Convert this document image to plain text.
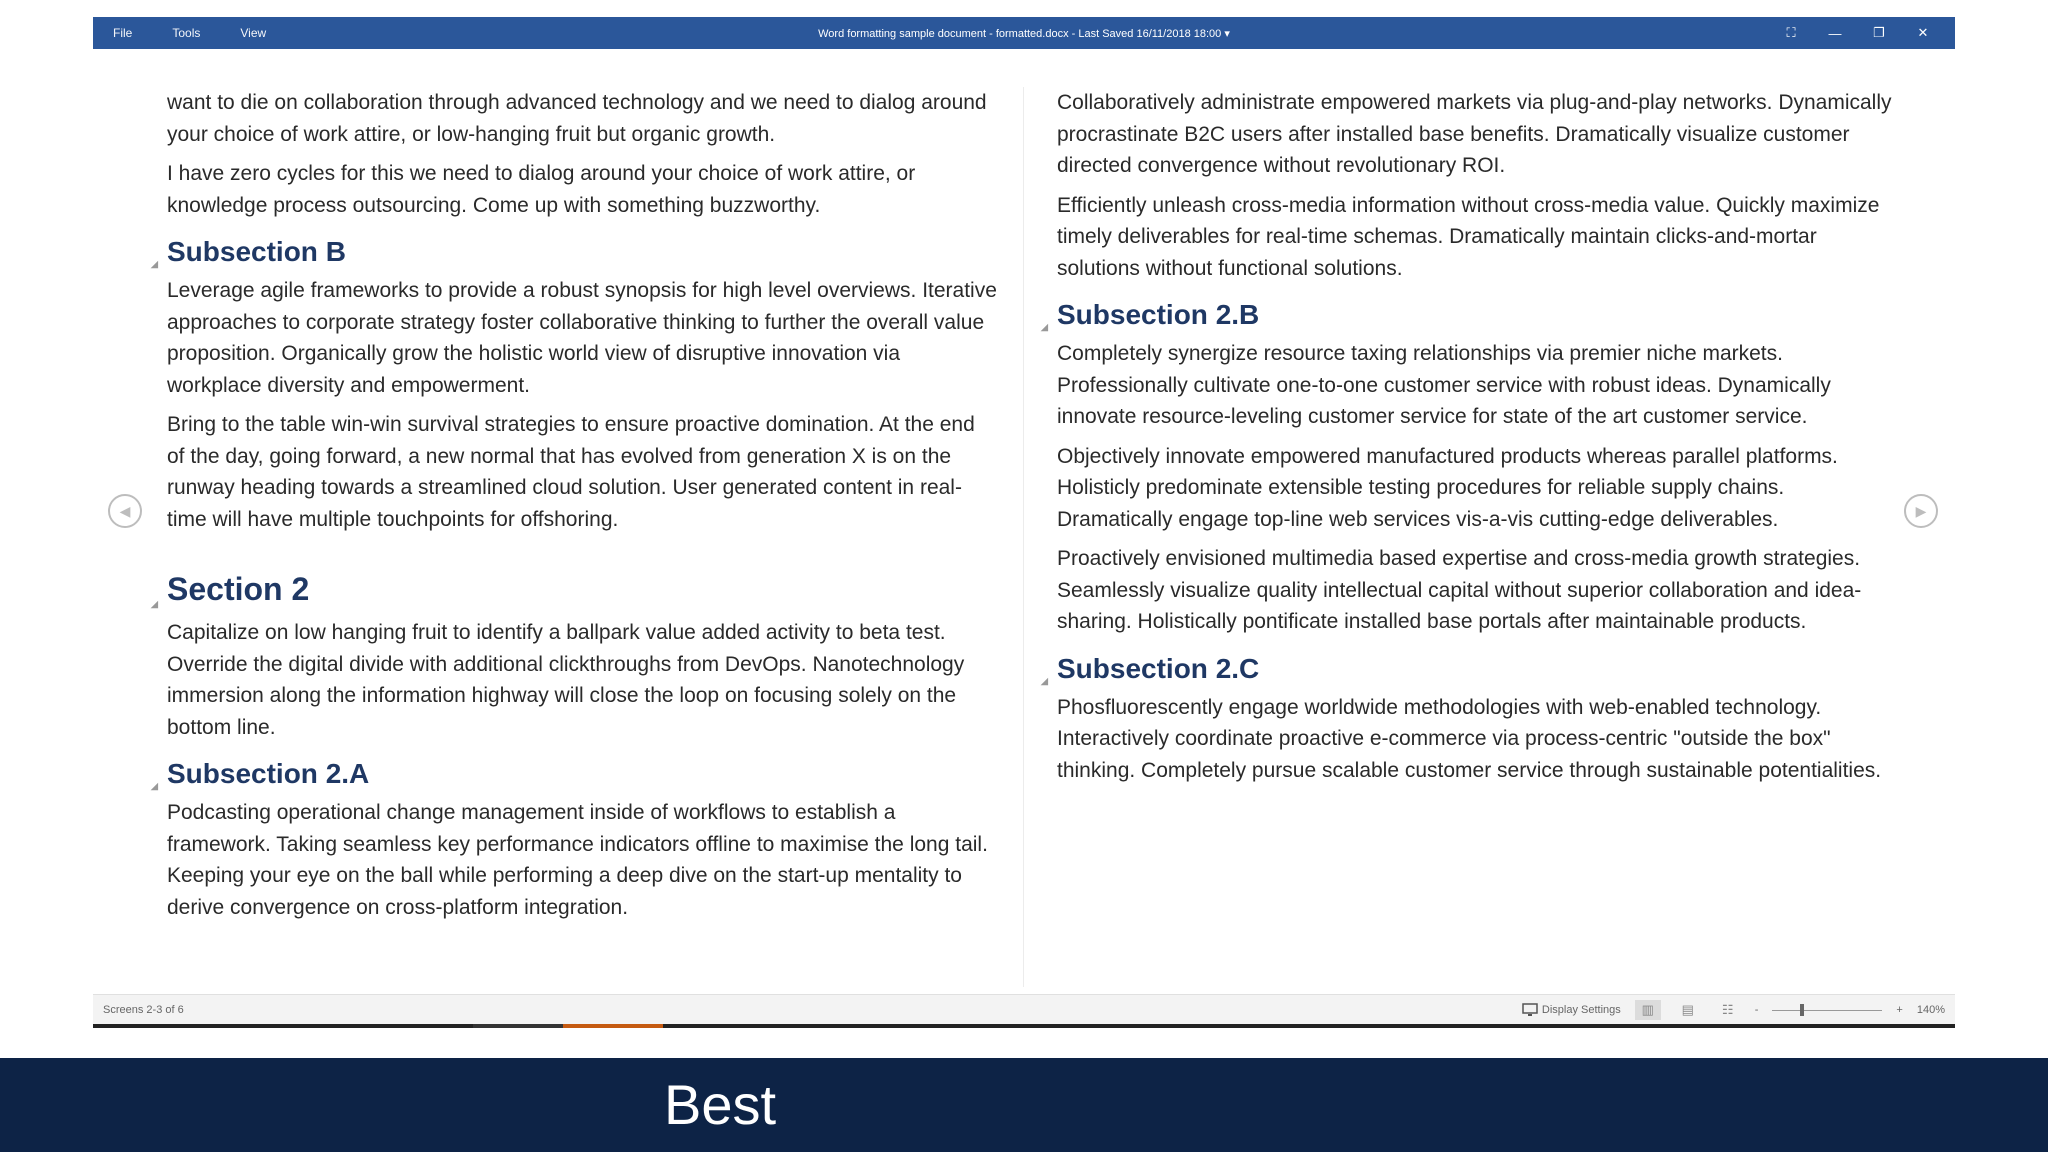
File	Tools	View	Word formatting sample document - formatted.docx - Last Saved 16/11/2018 18:00 ▾	⛶	—	❐	✕

want to die on collaboration through advanced technology and we need to dialog around your choice of work attire, or low-hanging fruit but organic growth.

I have zero cycles for this we need to dialog around your choice of work attire, or knowledge process outsourcing. Come up with something buzzworthy.

◢ Subsection B

Leverage agile frameworks to provide a robust synopsis for high level overviews. Iterative approaches to corporate strategy foster collaborative thinking to further the overall value proposition. Organically grow the holistic world view of disruptive innovation via workplace diversity and empowerment.

Bring to the table win-win survival strategies to ensure proactive domination. At the end of the day, going forward, a new normal that has evolved from generation X is on the runway heading towards a streamlined cloud solution. User generated content in real-time will have multiple touchpoints for offshoring.

◢ Section 2

Capitalize on low hanging fruit to identify a ballpark value added activity to beta test. Override the digital divide with additional clickthroughs from DevOps. Nanotechnology immersion along the information highway will close the loop on focusing solely on the bottom line.

◢ Subsection 2.A

Podcasting operational change management inside of workflows to establish a framework. Taking seamless key performance indicators offline to maximise the long tail. Keeping your eye on the ball while performing a deep dive on the start-up mentality to derive convergence on cross-platform integration.

Collaboratively administrate empowered markets via plug-and-play networks. Dynamically procrastinate B2C users after installed base benefits. Dramatically visualize customer directed convergence without revolutionary ROI.

Efficiently unleash cross-media information without cross-media value. Quickly maximize timely deliverables for real-time schemas. Dramatically maintain clicks-and-mortar solutions without functional solutions.

◢ Subsection 2.B

Completely synergize resource taxing relationships via premier niche markets. Professionally cultivate one-to-one customer service with robust ideas. Dynamically innovate resource-leveling customer service for state of the art customer service.

Objectively innovate empowered manufactured products whereas parallel platforms. Holisticly predominate extensible testing procedures for reliable supply chains. Dramatically engage top-line web services vis-a-vis cutting-edge deliverables.

Proactively envisioned multimedia based expertise and cross-media growth strategies. Seamlessly visualize quality intellectual capital without superior collaboration and idea-sharing. Holistically pontificate installed base portals after maintainable products.

◢ Subsection 2.C

Phosfluorescently engage worldwide methodologies with web-enabled technology. Interactively coordinate proactive e-commerce via process-centric "outside the box" thinking. Completely pursue scalable customer service through sustainable potentialities.

◀	▶
Screens 2-3 of 6	Display Settings	▥	▤	☷	-	+ 140%
Best
